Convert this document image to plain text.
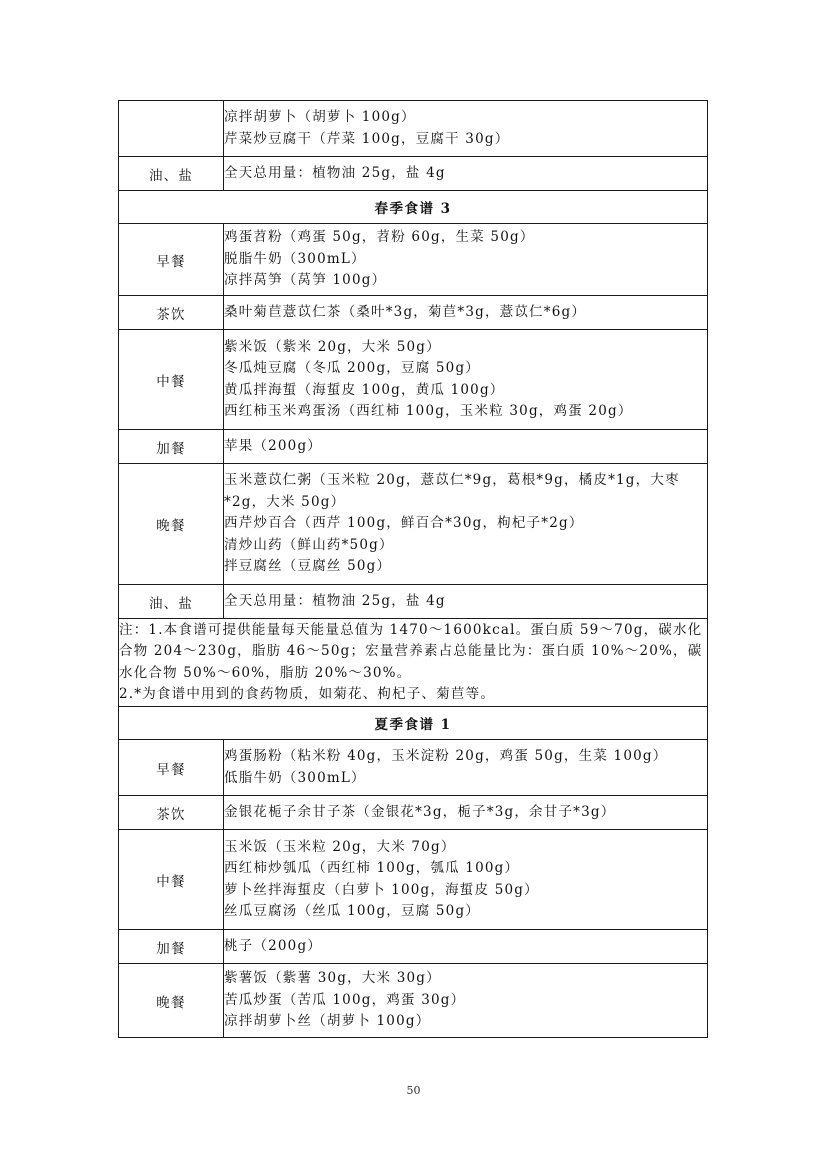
	凉拌胡萝卜（胡萝卜 100g）
芹菜炒豆腐干（芹菜 100g，豆腐干 30g）

油、盐	全天总用量：植物油 25g，盐 4g

春季食谱 3	
早餐	鸡蛋苕粉（鸡蛋 50g，苕粉 60g，生菜 50g）
脱脂牛奶（300mL）
凉拌莴笋（莴笋 100g）

茶饮	桑叶菊苣薏苡仁茶（桑叶*3g，菊苣*3g，薏苡仁*6g）

中餐	紫米饭（紫米 20g，大米 50g）
冬瓜炖豆腐（冬瓜 200g，豆腐 50g）
黄瓜拌海蜇（海蜇皮 100g，黄瓜 100g）
西红柿玉米鸡蛋汤（西红柿 100g，玉米粒 30g，鸡蛋 20g）

加餐	苹果（200g）

晚餐	玉米薏苡仁粥（玉米粒 20g，薏苡仁*9g，葛根*9g，橘皮*1g，大枣*2g，大米 50g）
西芹炒百合（西芹 100g，鲜百合*30g，枸杞子*2g）
清炒山药（鲜山药*50g）
拌豆腐丝（豆腐丝 50g）

油、盐	全天总用量：植物油 25g，盐 4g

注：1.本食谱可提供能量每天能量总值为 1470～1600kcal。蛋白质 59～70g，碳水化合物 204～230g，脂肪 46～50g；宏量营养素占总能量比为：蛋白质 10%～20%，碳水化合物 50%～60%，脂肪 20%～30%。
2.*为食谱中用到的食药物质，如菊花、枸杞子、菊苣等。	

夏季食谱 1	
早餐	鸡蛋肠粉（粘米粉 40g，玉米淀粉 20g，鸡蛋 50g，生菜 100g）
低脂牛奶（300mL）

茶饮	金银花栀子余甘子茶（金银花*3g，栀子*3g，余甘子*3g）

中餐	玉米饭（玉米粒 20g，大米 70g）
西红柿炒瓠瓜（西红柿 100g，瓠瓜 100g）
萝卜丝拌海蜇皮（白萝卜 100g，海蜇皮 50g）
丝瓜豆腐汤（丝瓜 100g，豆腐 50g）

加餐	桃子（200g）

晚餐	紫薯饭（紫薯 30g，大米 30g）
苦瓜炒蛋（苦瓜 100g，鸡蛋 30g）
凉拌胡萝卜丝（胡萝卜 100g）
50
